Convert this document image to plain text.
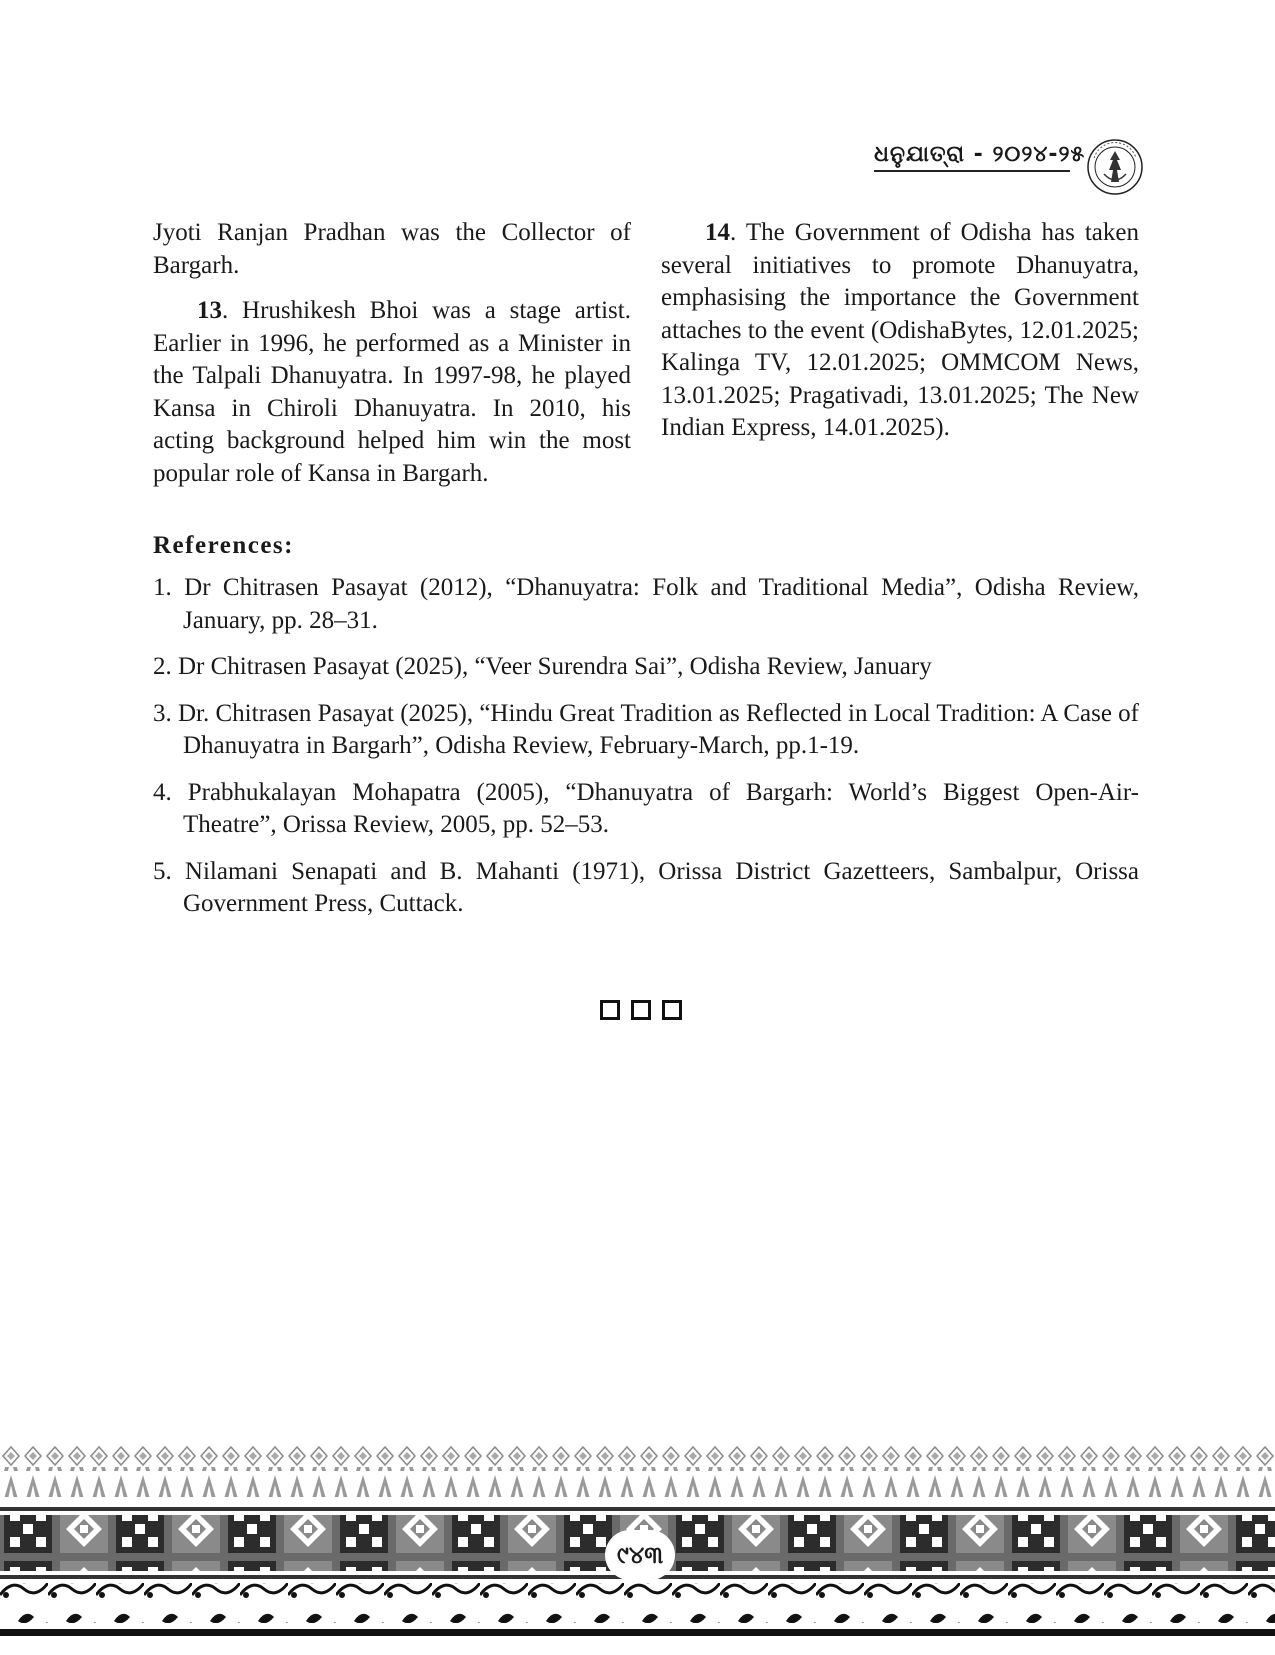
ଧନୁଯାତ୍ରା - ୨୦୨୪-୨୫

Jyoti Ranjan Pradhan was the Collector of Bargarh.

13. Hrushikesh Bhoi was a stage artist. Earlier in 1996, he performed as a Minister in the Talpali Dhanuyatra. In 1997-98, he played Kansa in Chiroli Dhanuyatra. In 2010, his acting background helped him win the most popular role of Kansa in Bargarh.

14. The Government of Odisha has taken several initiatives to promote Dhanuyatra, emphasising the importance the Government attaches to the event (OdishaBytes, 12.01.2025; Kalinga TV, 12.01.2025; OMMCOM News, 13.01.2025; Pragativadi, 13.01.2025; The New Indian Express, 14.01.2025).

References:
1. Dr Chitrasen Pasayat (2012), “Dhanuyatra: Folk and Traditional Media”, Odisha Review, January, pp. 28–31.
2. Dr Chitrasen Pasayat (2025), “Veer Surendra Sai”, Odisha Review, January
3. Dr. Chitrasen Pasayat (2025), “Hindu Great Tradition as Reflected in Local Tradition: A Case of Dhanuyatra in Bargarh”, Odisha Review, February-March, pp.1-19.
4. Prabhukalayan Mohapatra (2005), “Dhanuyatra of Bargarh: World’s Biggest Open-Air-Theatre”, Orissa Review, 2005, pp. 52–53.
5. Nilamani Senapati and B. Mahanti (1971), Orissa District Gazetteers, Sambalpur, Orissa Government Press, Cuttack.
୯୪୩
